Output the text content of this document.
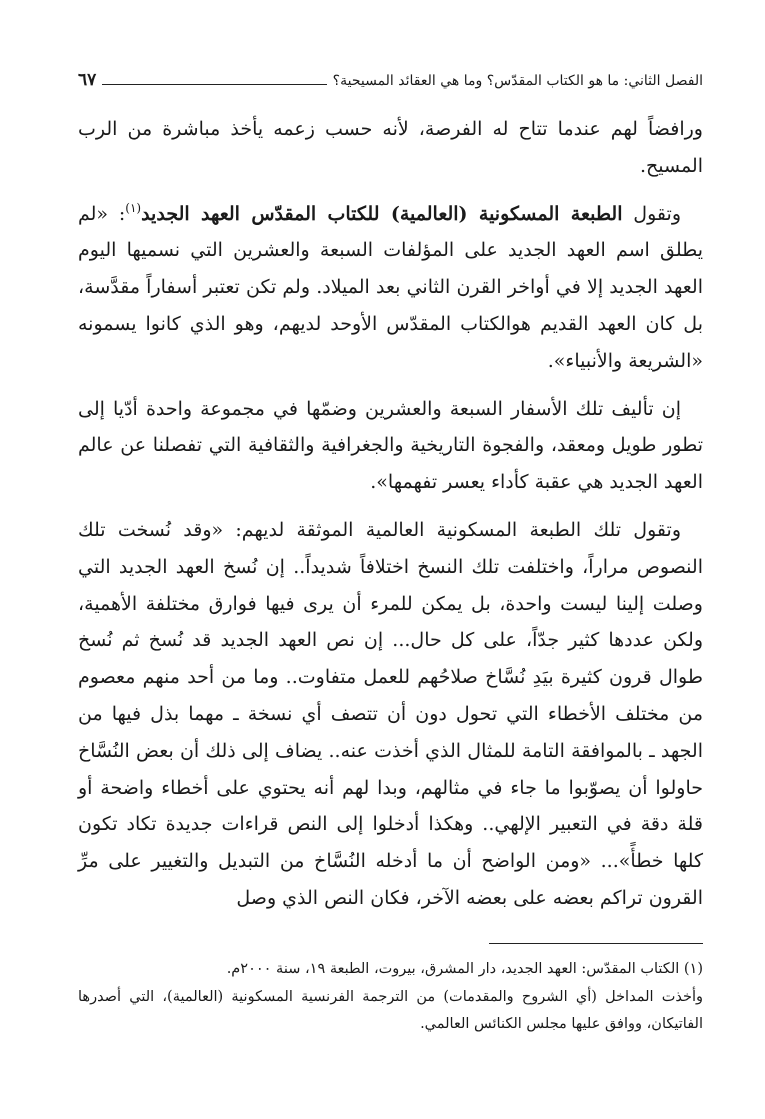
الفصل الثاني: ما هو الكتاب المقدّس؟ وما هي العقائد المسيحية؟
٦٧

ورافضاً لهم عندما تتاح له الفرصة، لأنه حسب زعمه يأخذ مباشرة من الرب المسيح.

وتقول الطبعة المسكونية (العالمية) للكتاب المقدّس العهد الجديد$^{(١)}$: «لم يطلق اسم العهد الجديد على المؤلفات السبعة والعشرين التي نسميها اليوم العهد الجديد إلا في أواخر القرن الثاني بعد الميلاد. ولم تكن تعتبر أسفاراً مقدَّسة، بل كان العهد القديم هوالكتاب المقدّس الأوحد لديهم، وهو الذي كانوا يسمونه «الشريعة والأنبياء».

إن تأليف تلك الأسفار السبعة والعشرين وضمّها في مجموعة واحدة أدّيا إلى تطور طويل ومعقد، والفجوة التاريخية والجغرافية والثقافية التي تفصلنا عن عالم العهد الجديد هي عقبة كأداء يعسر تفهمها».

وتقول تلك الطبعة المسكونية العالمية الموثقة لديهم: «وقد نُسخت تلك النصوص مراراً، واختلفت تلك النسخ اختلافاً شديداً.. إن نُسخ العهد الجديد التي وصلت إلينا ليست واحدة، بل يمكن للمرء أن يرى فيها فوارق مختلفة الأهمية، ولكن عددها كثير جدّاً، على كل حال... إن نص العهد الجديد قد نُسخ ثم نُسخ طوال قرون كثيرة بيَدِ نُسَّاخ صلاحُهم للعمل متفاوت.. وما من أحد منهم معصوم من مختلف الأخطاء التي تحول دون أن تتصف أي نسخة ـ مهما بذل فيها من الجهد ـ بالموافقة التامة للمثال الذي أخذت عنه.. يضاف إلى ذلك أن بعض النُسَّاخ حاولوا أن يصوّبوا ما جاء في مثالهم، وبدا لهم أنه يحتوي على أخطاء واضحة أو قلة دقة في التعبير الإلهي.. وهكذا أدخلوا إلى النص قراءات جديدة تكاد تكون كلها خطأً»... «ومن الواضح أن ما أدخله النُسَّاخ من التبديل والتغيير على مرِّ القرون تراكم بعضه على بعضه الآخر، فكان النص الذي وصل

(١) الكتاب المقدّس: العهد الجديد، دار المشرق، بيروت، الطبعة ١٩، سنة ٢٠٠٠م.

وأخذت المداخل (أي الشروح والمقدمات) من الترجمة الفرنسية المسكونية (العالمية)، التي أصدرها الفاتيكان، ووافق عليها مجلس الكنائس العالمي.
